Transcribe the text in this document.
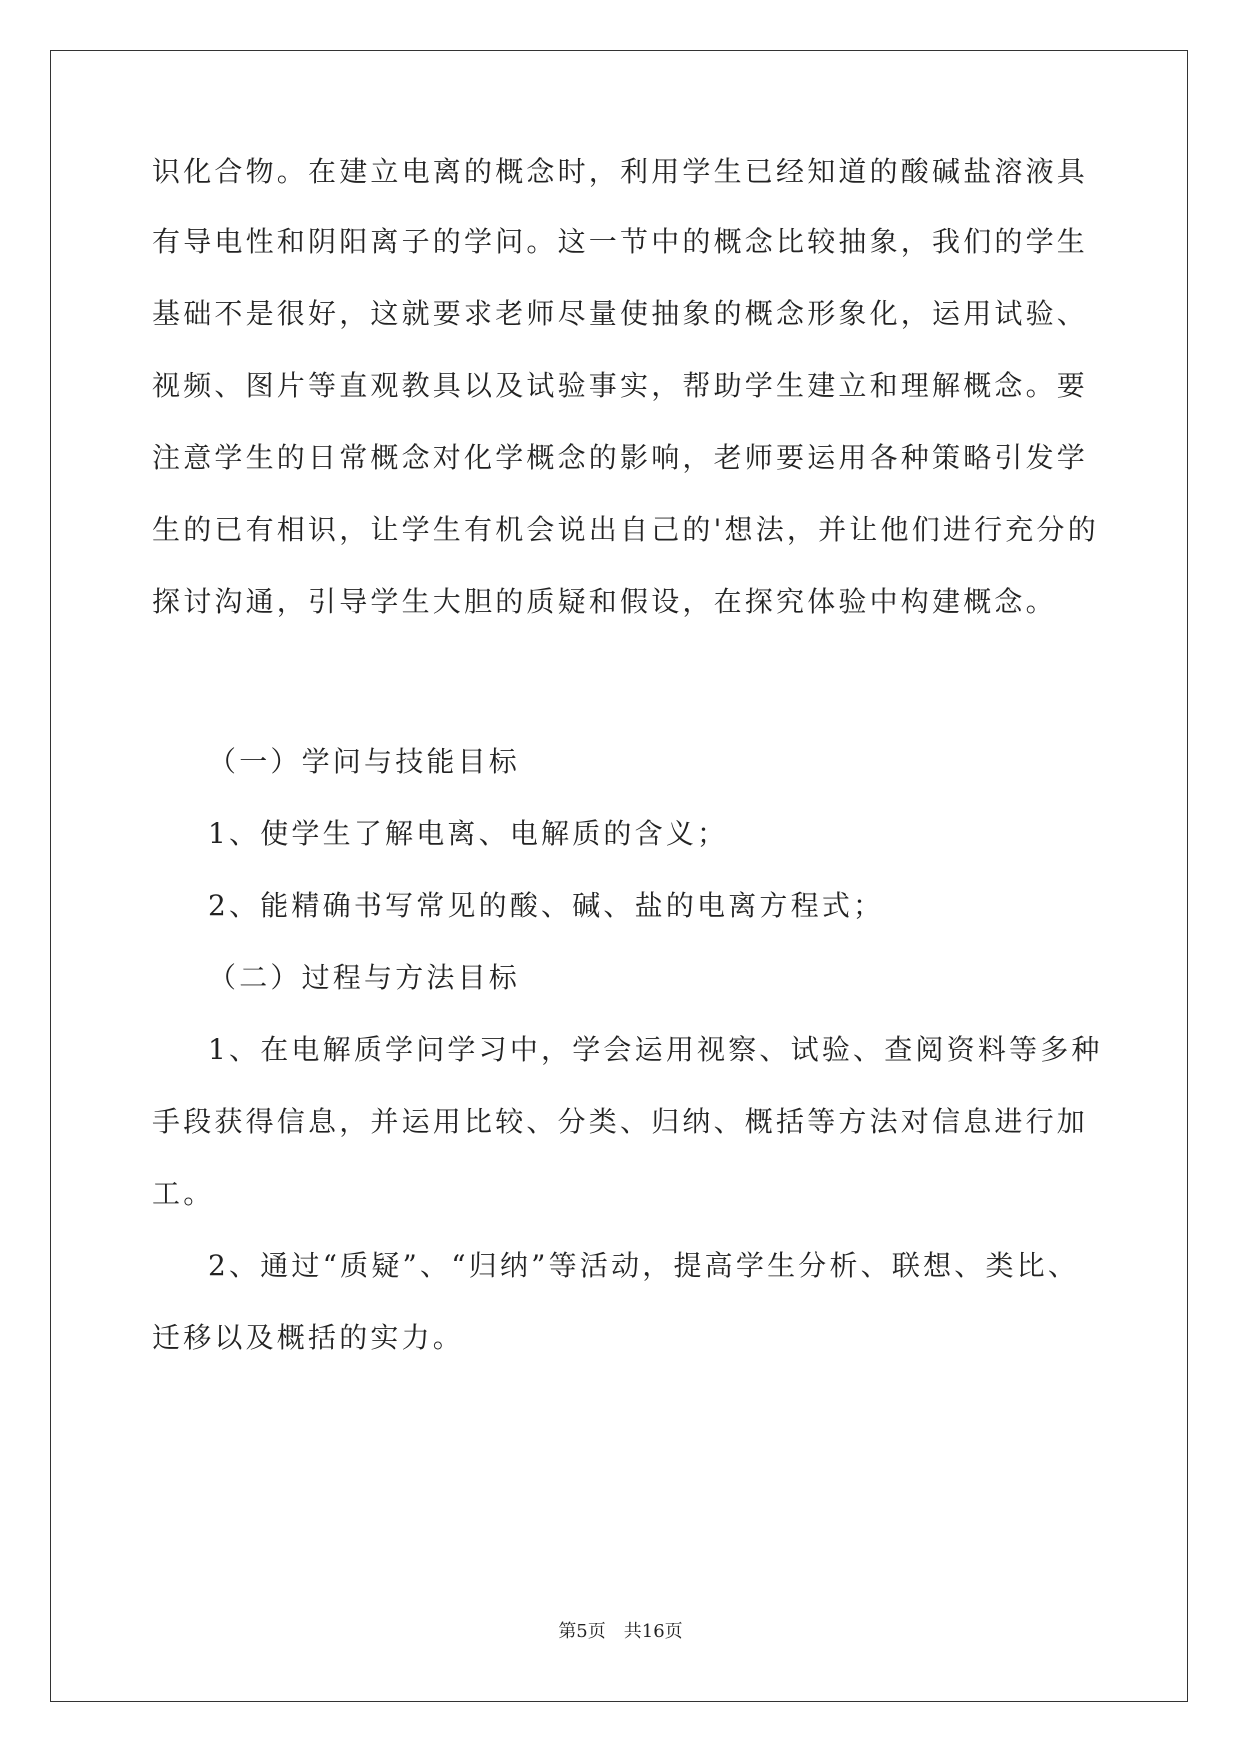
识化合物。在建立电离的概念时，利用学生已经知道的酸碱盐溶液具
有导电性和阴阳离子的学问。这一节中的概念比较抽象，我们的学生
基础不是很好，这就要求老师尽量使抽象的概念形象化，运用试验、
视频、图片等直观教具以及试验事实，帮助学生建立和理解概念。要
注意学生的日常概念对化学概念的影响，老师要运用各种策略引发学
生的已有相识，让学生有机会说出自己的'想法，并让他们进行充分的
探讨沟通，引导学生大胆的质疑和假设，在探究体验中构建概念。
（一）学问与技能目标
1、使学生了解电离、电解质的含义；
2、能精确书写常见的酸、碱、盐的电离方程式；
（二）过程与方法目标
1、在电解质学问学习中，学会运用视察、试验、查阅资料等多种
手段获得信息，并运用比较、分类、归纳、概括等方法对信息进行加
工。
2、通过“质疑”、“归纳”等活动，提高学生分析、联想、类比、
迁移以及概括的实力。
第5页　共16页
